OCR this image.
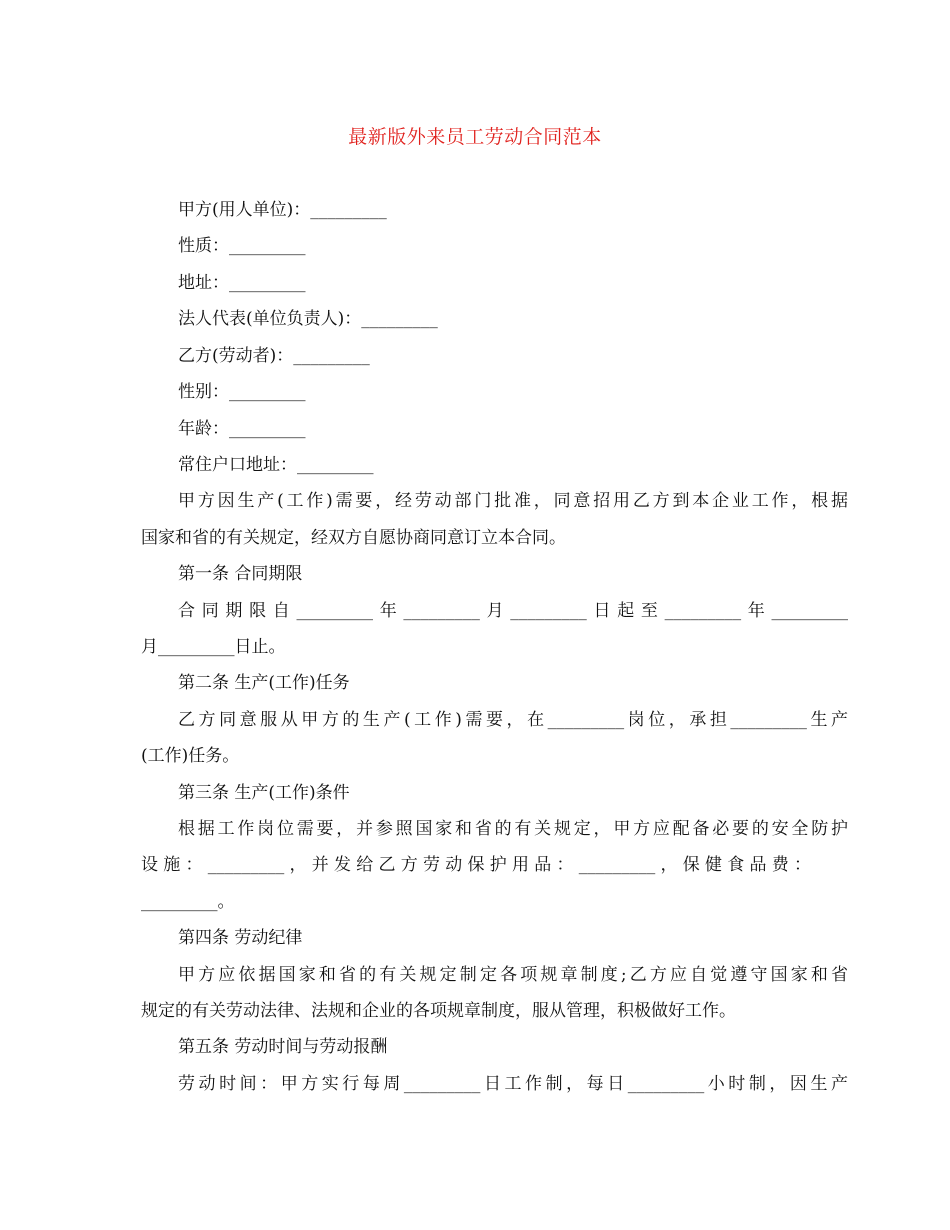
最新版外来员工劳动合同范本
甲方(用人单位)：_________
性质：_________
地址：_________
法人代表(单位负责人)：_________
乙方(劳动者)：_________
性别：_________
年龄：_________
常住户口地址：_________
甲方因生产(工作)需要，经劳动部门批准，同意招用乙方到本企业工作，根据
国家和省的有关规定，经双方自愿协商同意订立本合同。
第一条 合同期限
合同期限自_________年_________月_________日起至_________年_________
月_________日止。
第二条 生产(工作)任务
乙方同意服从甲方的生产(工作)需要，在_________岗位，承担_________生产
(工作)任务。
第三条 生产(工作)条件
根据工作岗位需要，并参照国家和省的有关规定，甲方应配备必要的安全防护
设施：_________，并发给乙方劳动保护用品：_________，保健食品费：
_________。
第四条 劳动纪律
甲方应依据国家和省的有关规定制定各项规章制度;乙方应自觉遵守国家和省
规定的有关劳动法律、法规和企业的各项规章制度，服从管理，积极做好工作。
第五条 劳动时间与劳动报酬
劳动时间：甲方实行每周_________日工作制，每日_________小时制，因生产
